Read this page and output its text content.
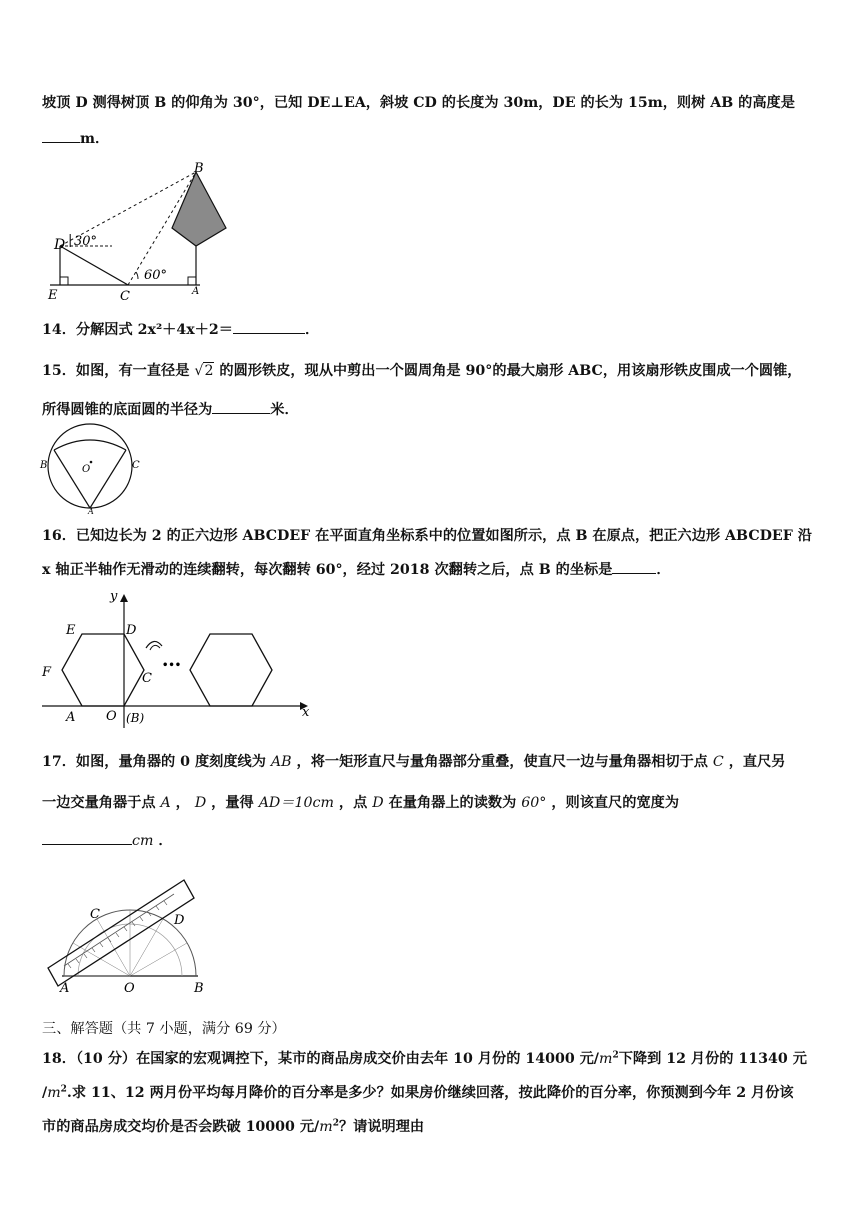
坡顶 D 测得树顶 B 的仰角为 30°，已知 DE⊥EA，斜坡 CD 的长度为 30m，DE 的长为 15m，则树 AB 的高度是
m．
D
B
E	C	A
30°
60°
|
14．分解因式 2x²＋4x＋2＝	．
15．如图，有一直径是 √2 的圆形铁皮，现从中剪出一个圆周角是 90°的最大扇形 ABC，用该扇形铁皮围成一个圆锥，
所得圆锥的底面圆的半径为	米．
B	C
O
A
16．已知边长为 2 的正六边形 ABCDEF 在平面直角坐标系中的位置如图所示，点 B 在原点，把正六边形 ABCDEF 沿
x 轴正半轴作无滑动的连续翻转，每次翻转 60°，经过 2018 次翻转之后，点 B 的坐标是	．
•••
y
x
E	D
F	C
A O (B)
17．如图，量角器的 0 度刻度线为 AB ，将一矩形直尺与量角器部分重叠，使直尺一边与量角器相切于点 C ，直尺另
一边交量角器于点 A ， D ，量得 AD＝10cm ，点 D 在量角器上的读数为 60° ，则该直尺的宽度为
cm ．
C	D
A	O	B
三、解答题（共 7 小题，满分 69 分）
18．（10 分）在国家的宏观调控下，某市的商品房成交价由去年 10 月份的 14000 元$/m^2$下降到 12 月份的 11340 元
$/m^2$.求 11、12 两月份平均每月降价的百分率是多少？如果房价继续回落，按此降价的百分率，你预测到今年 2 月份该
市的商品房成交均价是否会跌破 10000 元$/m^2$？请说明理由
